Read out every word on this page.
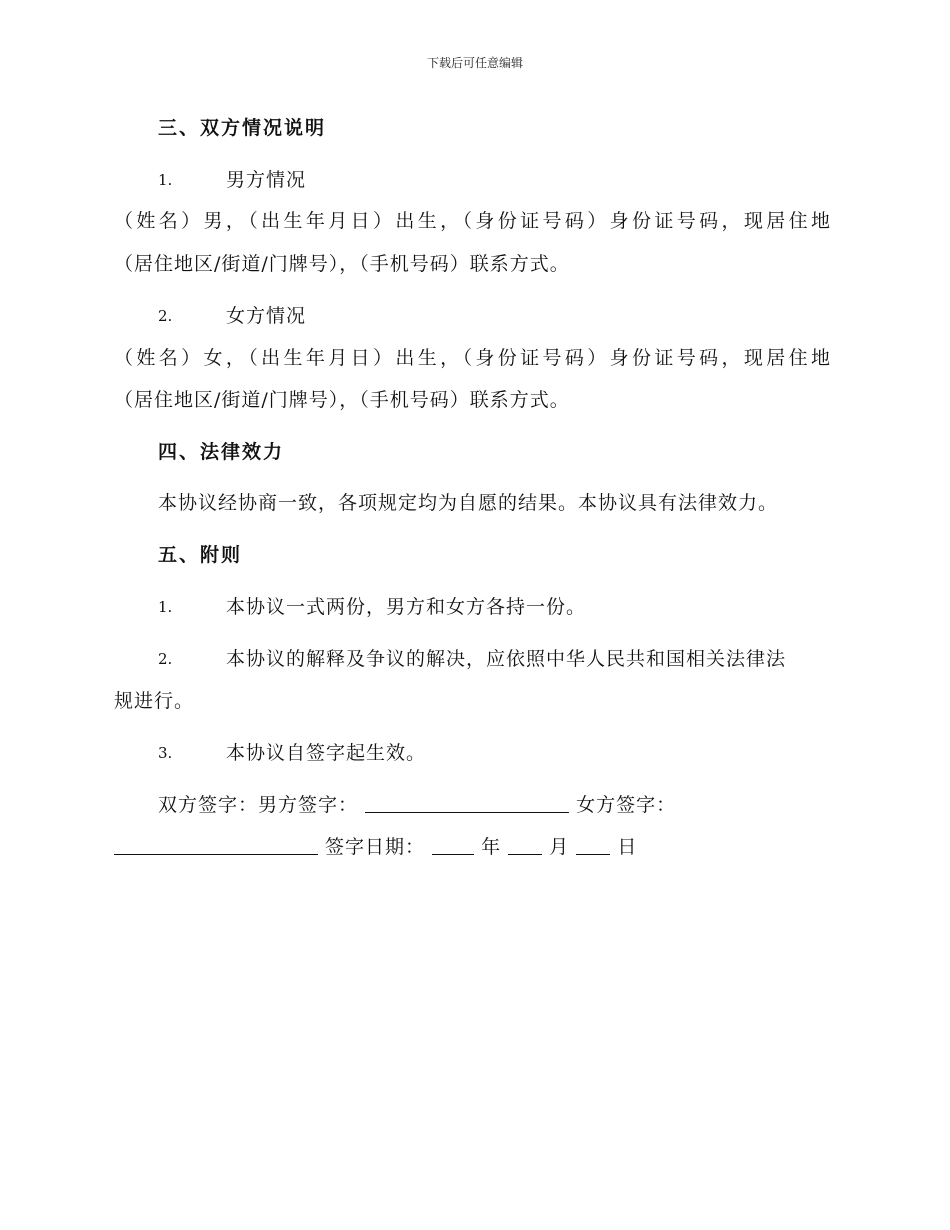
下载后可任意编辑
三、双方情况说明
1.	男方情况
（姓名）男，（出生年月日）出生，（身份证号码）身份证号码，现居住地
（居住地区/街道/门牌号），（手机号码）联系方式。
2.	女方情况
（姓名）女，（出生年月日）出生，（身份证号码）身份证号码，现居住地
（居住地区/街道/门牌号），（手机号码）联系方式。
四、法律效力
本协议经协商一致，各项规定均为自愿的结果。本协议具有法律效力。
五、附则
1.	本协议一式两份，男方和女方各持一份。
2.	本协议的解释及争议的解决，应依照中华人民共和国相关法律法
规进行。
3.	本协议自签字起生效。
双方签字：男方签字：	女方签字：
签字日期：	年	月	日
